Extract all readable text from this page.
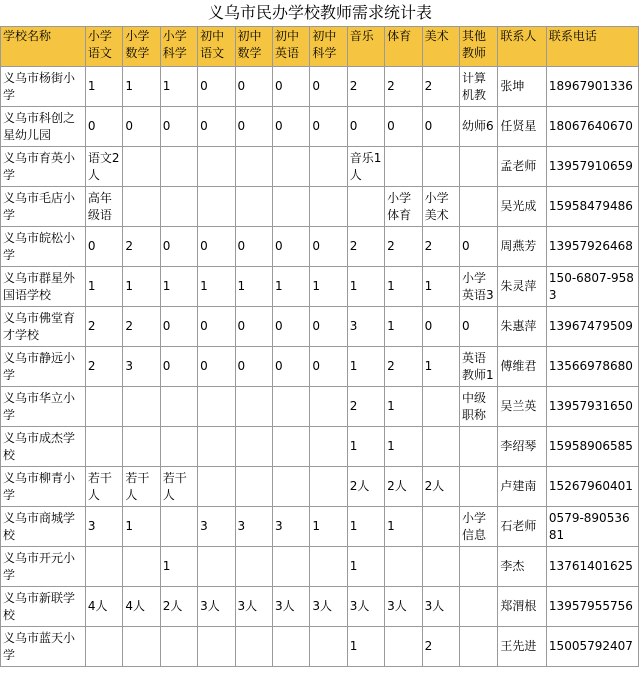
义乌市民办学校教师需求统计表
学校名称	小学语文	小学数学	小学科学	初中语文	初中数学	初中英语	初中科学	音乐	体育	美术	其他教师	联系人	联系电话
义乌市杨街小学	1	1	1	0	0	0	0	2	2	2	计算机教	张坤	18967901336
义乌市科创之星幼儿园	0	0	0	0	0	0	0	0	0	0	幼师6	任贤星	18067640670
义乌市育英小学	语文2人							音乐1人				孟老师	13957910659
义乌市毛店小学	高年级语								小学体育	小学美术		吴光成	15958479486
义乌市皖松小学	0	2	0	0	0	0	0	2	2	2	0	周燕芳	13957926468
义乌市群星外国语学校	1	1	1	1	1	1	1	1	1	1	小学英语3	朱灵萍	150-6807-9583
义乌市佛堂育才学校	2	2	0	0	0	0	0	3	1	0	0	朱惠萍	13967479509
义乌市静远小学	2	3	0	0	0	0	0	1	2	1	英语教师1	傅维君	13566978680
义乌市华立小学								2	1		中级职称	吴兰英	13957931650
义乌市成杰学校								1	1			李绍琴	15958906585
义乌市柳青小学	若干人	若干人	若干人					2人	2人	2人		卢建南	15267960401
义乌市商城学校	3	1		3	3	3	1	1	1		小学信息	石老师	0579-89053681
义乌市开元小学			1					1				李杰	13761401625
义乌市新联学校	4人	4人	2人	3人	3人	3人	3人	3人	3人	3人		郑渭根	13957955756
义乌市蓝天小学								1		2		王先进	15005792407
